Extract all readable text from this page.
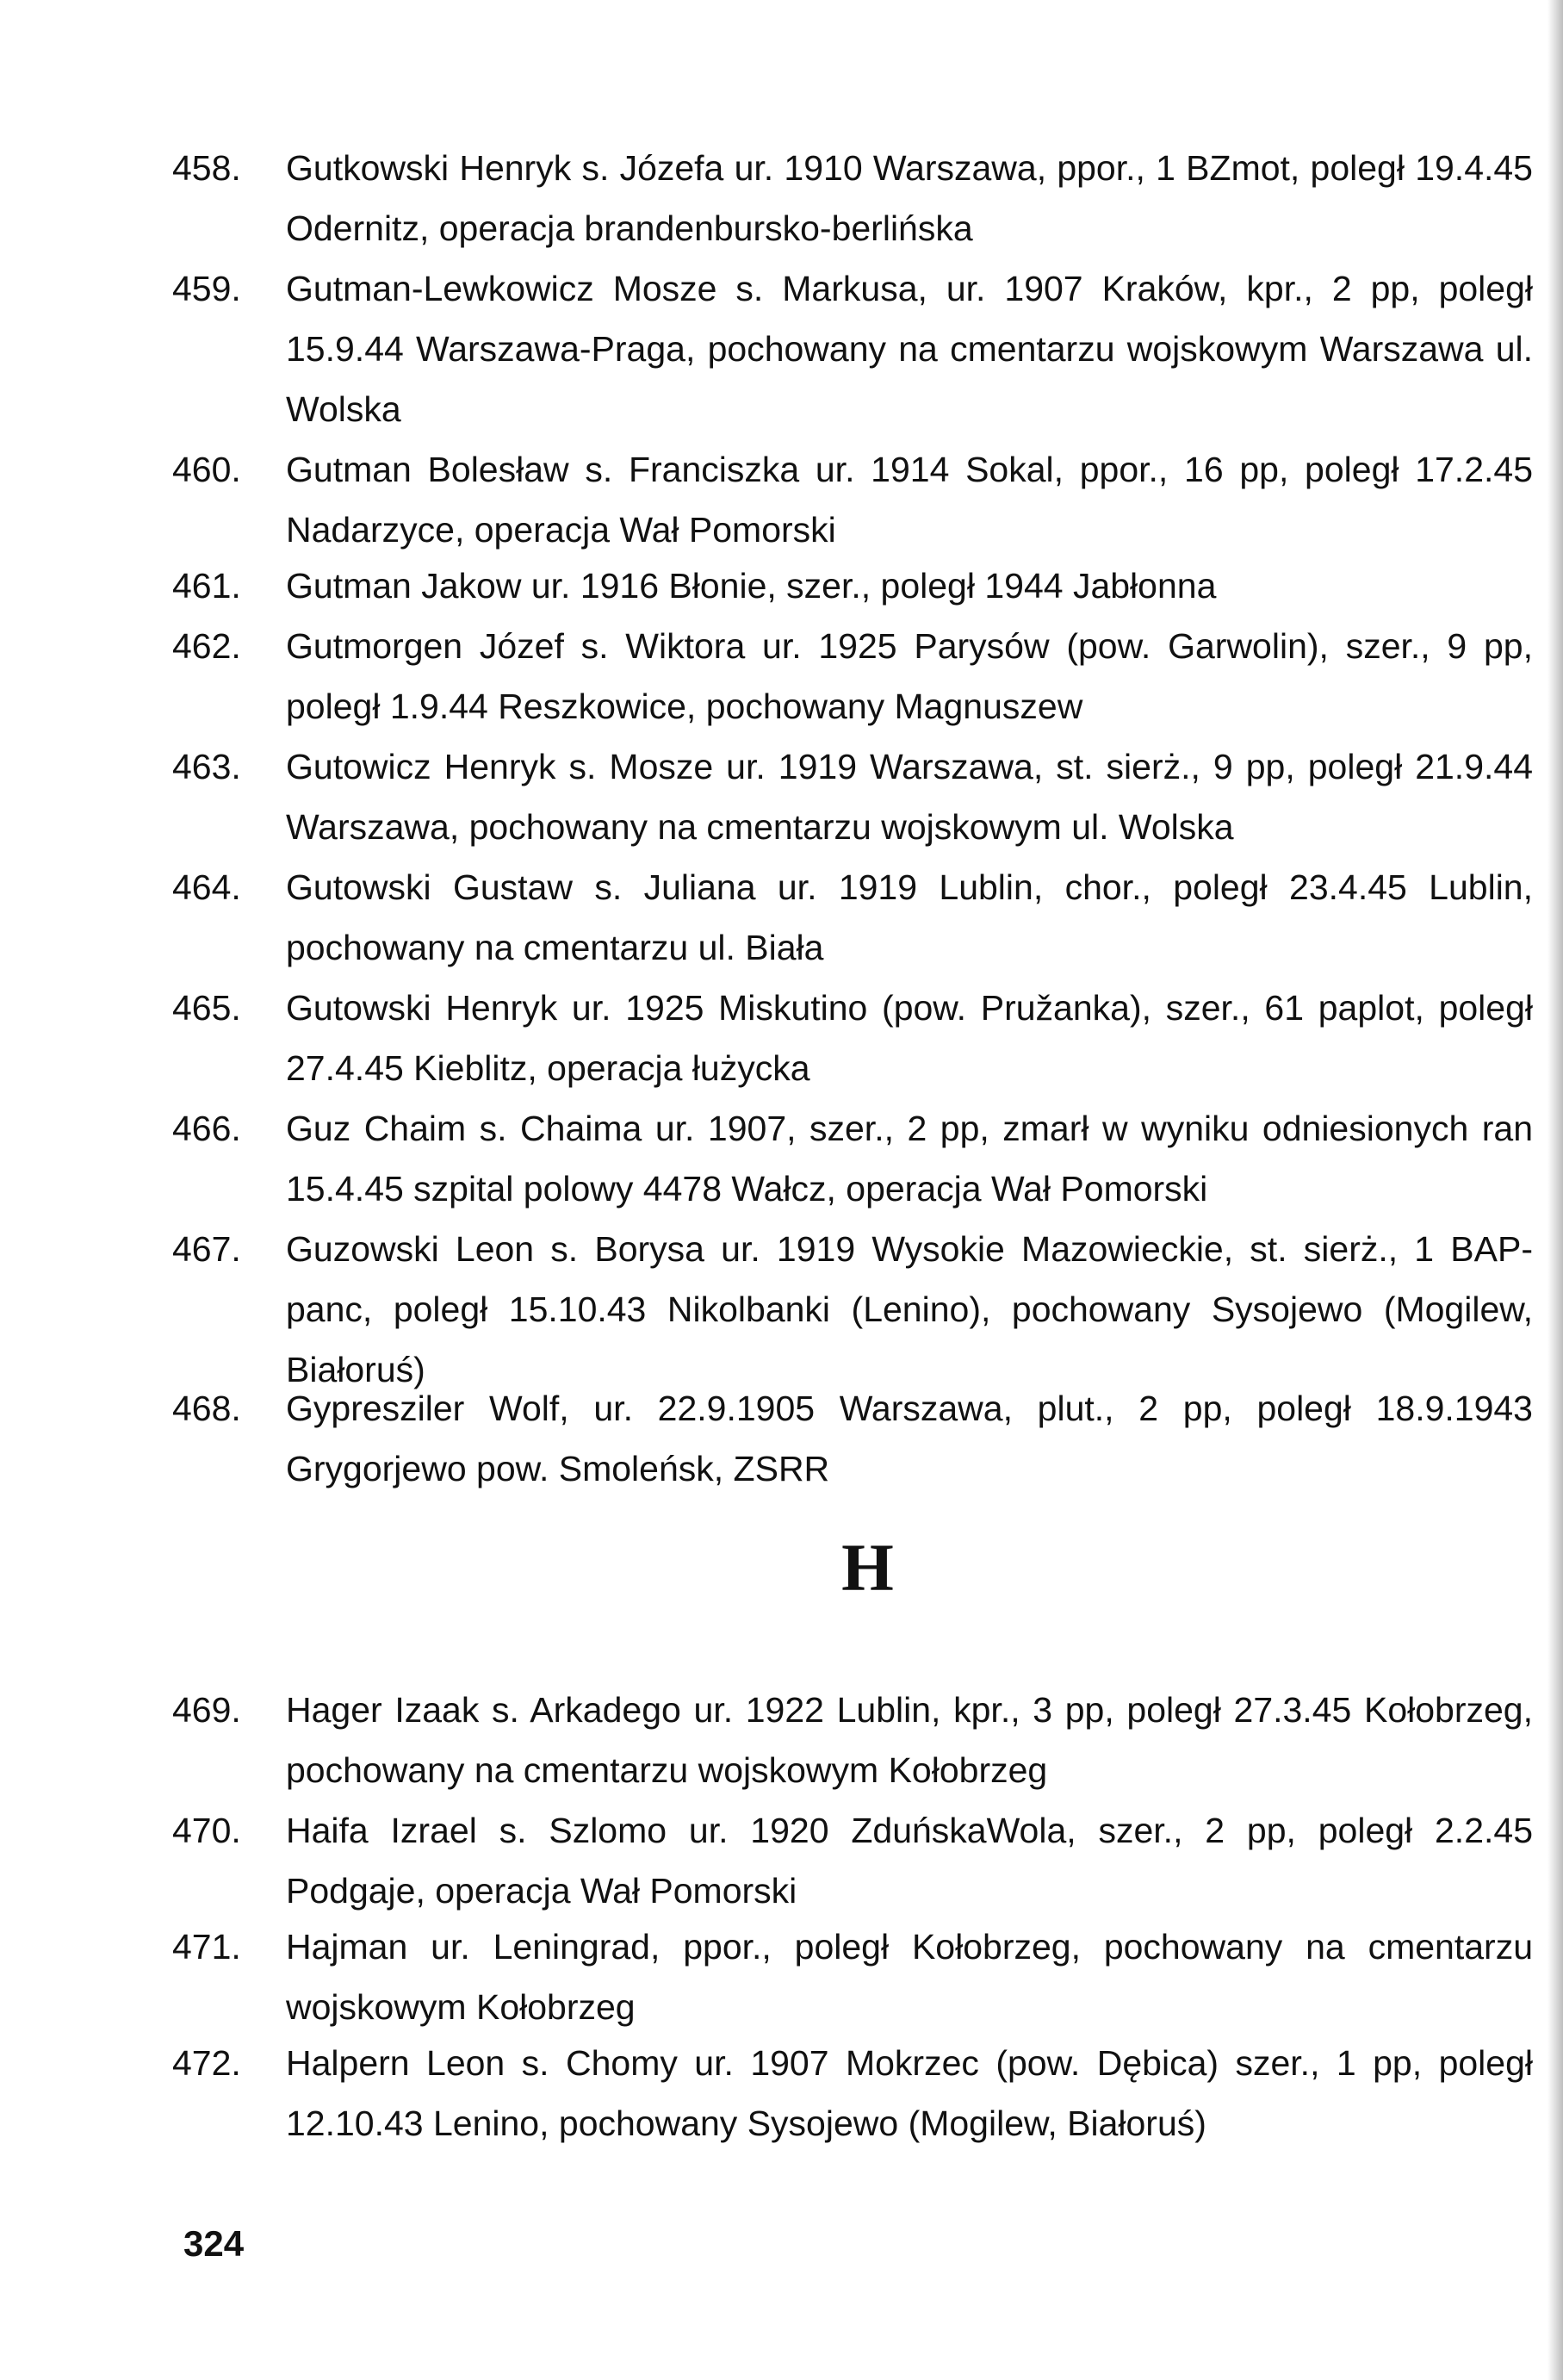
458.	Gutkowski Henryk s. Józefa ur. 1910 Warszawa, ppor., 1 BZmot, poległ 19.4.45 Odernitz, operacja brandenbursko-berlińska
459.	Gutman-Lewkowicz Mosze s. Markusa, ur. 1907 Kraków, kpr., 2 pp, poległ 15.9.44 Warszawa-Praga, pochowany na cmentarzu wojskowym Warszawa ul. Wolska
460.	Gutman Bolesław s. Franciszka ur. 1914 Sokal, ppor., 16 pp, poległ 17.2.45 Nadarzyce, operacja Wał Pomorski
461.	Gutman Jakow ur. 1916 Błonie, szer., poległ 1944 Jabłonna
462.	Gutmorgen Józef s. Wiktora ur. 1925 Parysów (pow. Garwolin), szer., 9 pp, poległ 1.9.44 Reszkowice, pochowany Magnuszew
463.	Gutowicz Henryk s. Mosze ur. 1919 Warszawa, st. sierż., 9 pp, poległ 21.9.44 Warszawa, pochowany na cmentarzu wojskowym ul. Wolska
464.	Gutowski Gustaw s. Juliana ur. 1919 Lublin, chor., poległ 23.4.45 Lublin, pochowany na cmentarzu ul. Biała
465.	Gutowski Henryk ur. 1925 Miskutino (pow. Pružanka), szer., 61 paplot, poległ 27.4.45 Kieblitz, operacja łużycka
466.	Guz Chaim s. Chaima ur. 1907, szer., 2 pp, zmarł w wyniku odniesionych ran 15.4.45 szpital polowy 4478 Wałcz, operacja Wał Pomorski
467.	Guzowski Leon s. Borysa ur. 1919 Wysokie Mazowieckie, st. sierż., 1 BAP-panc, poległ 15.10.43 Nikolbanki (Lenino), pochowany Sysojewo (Mogilew, Białoruś)
468.	Gypresziler Wolf, ur. 22.9.1905 Warszawa, plut., 2 pp, poległ 18.9.1943 Grygorjewo pow. Smoleńsk, ZSRR
H
469.	Hager Izaak s. Arkadego ur. 1922 Lublin, kpr., 3 pp, poległ 27.3.45 Kołobrzeg, pochowany na cmentarzu wojskowym Kołobrzeg
470.	Haifa Izrael s. Szlomo ur. 1920 ZduńskaWola, szer., 2 pp, poległ 2.2.45 Podgaje, operacja Wał Pomorski
471.	Hajman ur. Leningrad, ppor., poległ Kołobrzeg, pochowany na cmentarzu wojskowym Kołobrzeg
472.	Halpern Leon s. Chomy ur. 1907 Mokrzec (pow. Dębica) szer., 1 pp, poległ 12.10.43 Lenino, pochowany Sysojewo (Mogilew, Białoruś)
324
